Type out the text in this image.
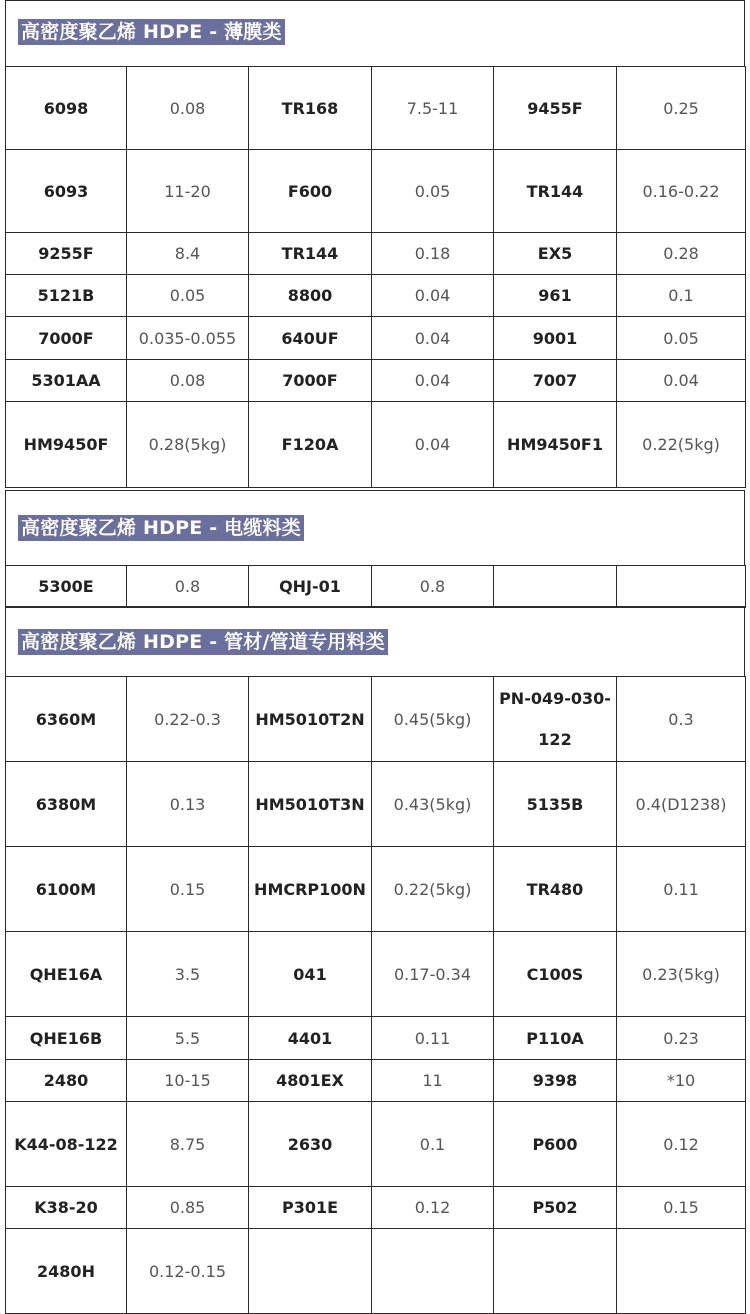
高密度聚乙烯 HDPE - 薄膜类
6098	0.08	TR168	7.5-11	9455F	0.25
6093	11-20	F600	0.05	TR144	0.16-0.22
9255F	8.4	TR144	0.18	EX5	0.28
5121B	0.05	8800	0.04	961	0.1
7000F	0.035-0.055	640UF	0.04	9001	0.05
5301AA	0.08	7000F	0.04	7007	0.04
HM9450F	0.28(5kg)	F120A	0.04	HM9450F1	0.22(5kg)
高密度聚乙烯 HDPE - 电缆料类
5300E	0.8	QHJ-01	0.8		
高密度聚乙烯 HDPE - 管材/管道专用料类
6360M	0.22-0.3	HM5010T2N	0.45(5kg)	PN-049-030-122	0.3
6380M	0.13	HM5010T3N	0.43(5kg)	5135B	0.4(D1238)
6100M	0.15	HMCRP100N	0.22(5kg)	TR480	0.11
QHE16A	3.5	041	0.17-0.34	C100S	0.23(5kg)
QHE16B	5.5	4401	0.11	P110A	0.23
2480	10-15	4801EX	11	9398	*10
K44-08-122	8.75	2630	0.1	P600	0.12
K38-20	0.85	P301E	0.12	P502	0.15
2480H	0.12-0.15				
